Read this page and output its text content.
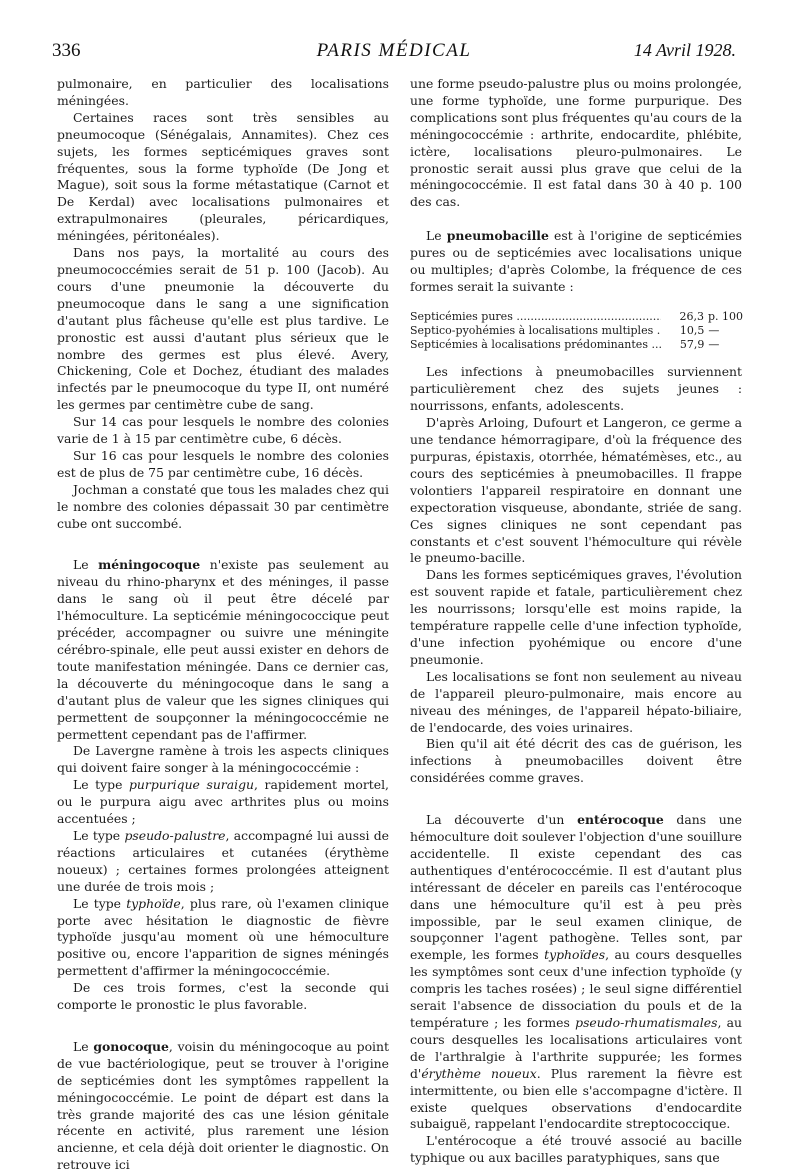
336	PARIS MÉDICAL	14 Avril 1928.

pulmonaire, en particulier des localisations méningées.

Certaines races sont très sensibles au pneumocoque (Sénégalais, Annamites). Chez ces sujets, les formes septicémiques graves sont fréquentes, sous la forme typhoïde (De Jong et Mague), soit sous la forme métastatique (Carnot et De Kerdal) avec localisations pulmonaires et extrapulmonaires (pleurales, péricardiques, méningées, péritonéales).

Dans nos pays, la mortalité au cours des pneumococcémies serait de 51 p. 100 (Jacob). Au cours d'une pneumonie la découverte du pneumocoque dans le sang a une signification d'autant plus fâcheuse qu'elle est plus tardive. Le pronostic est aussi d'autant plus sérieux que le nombre des germes est plus élevé. Avery, Chickening, Cole et Dochez, étudiant des malades infectés par le pneumocoque du type II, ont numéré les germes par centimètre cube de sang.

Sur 14 cas pour lesquels le nombre des colonies varie de 1 à 15 par centimètre cube, 6 décès.

Sur 16 cas pour lesquels le nombre des colonies est de plus de 75 par centimètre cube, 16 décès.

Jochman a constaté que tous les malades chez qui le nombre des colonies dépassait 30 par centimètre cube ont succombé.

Le méningocoque n'existe pas seulement au niveau du rhino-pharynx et des méninges, il passe dans le sang où il peut être décelé par l'hémoculture. La septicémie méningococcique peut précéder, accompagner ou suivre une méningite cérébro-spinale, elle peut aussi exister en dehors de toute manifestation méningée. Dans ce dernier cas, la découverte du méningocoque dans le sang a d'autant plus de valeur que les signes cliniques qui permettent de soupçonner la méningococcémie ne permettent cependant pas de l'affirmer.

De Lavergne ramène à trois les aspects cliniques qui doivent faire songer à la méningococcémie :

Le type purpurique suraigu, rapidement mortel, ou le purpura aigu avec arthrites plus ou moins accentuées ;

Le type pseudo-palustre, accompagné lui aussi de réactions articulaires et cutanées (érythème noueux) ; certaines formes prolongées atteignent une durée de trois mois ;

Le type typhoïde, plus rare, où l'examen clinique porte avec hésitation le diagnostic de fièvre typhoïde jusqu'au moment où une hémoculture positive ou, encore l'apparition de signes méningés permettent d'affirmer la méningococcémie.

De ces trois formes, c'est la seconde qui comporte le pronostic le plus favorable.

Le gonocoque, voisin du méningocoque au point de vue bactériologique, peut se trouver à l'origine de septicémies dont les symptômes rappellent la méningococcémie. Le point de départ est dans la très grande majorité des cas une lésion génitale récente en activité, plus rarement une lésion ancienne, et cela déjà doit orienter le diagnostic. On retrouve ici

une forme pseudo-palustre plus ou moins prolongée, une forme typhoïde, une forme purpurique. Des complications sont plus fréquentes qu'au cours de la méningococcémie : arthrite, endocardite, phlébite, ictère, localisations pleuro-pulmonaires. Le pronostic serait aussi plus grave que celui de la méningococcémie. Il est fatal dans 30 à 40 p. 100 des cas.

Le pneumobacille est à l'origine de septicémies pures ou de septicémies avec localisations unique ou multiples; d'après Colombe, la fréquence de ces formes serait la suivante :

Septicémies pures .....	26,3 p. 100
Septico-pyohémies à localisations multiples .....	10,5 —
Septicémies à localisations prédominantes .....	57,9 —

Les infections à pneumobacilles surviennent particulièrement chez des sujets jeunes : nourrissons, enfants, adolescents.

D'après Arloing, Dufourt et Langeron, ce germe a une tendance hémorragipare, d'où la fréquence des purpuras, épistaxis, otorrhée, hématémèses, etc., au cours des septicémies à pneumobacilles. Il frappe volontiers l'appareil respiratoire en donnant une expectoration visqueuse, abondante, striée de sang. Ces signes cliniques ne sont cependant pas constants et c'est souvent l'hémoculture qui révèle le pneumo-bacille.

Dans les formes septicémiques graves, l'évolution est souvent rapide et fatale, particulièrement chez les nourrissons; lorsqu'elle est moins rapide, la température rappelle celle d'une infection typhoïde, d'une infection pyohémique ou encore d'une pneumonie.

Les localisations se font non seulement au niveau de l'appareil pleuro-pulmonaire, mais encore au niveau des méninges, de l'appareil hépato-biliaire, de l'endocarde, des voies urinaires.

Bien qu'il ait été décrit des cas de guérison, les infections à pneumobacilles doivent être considérées comme graves.

La découverte d'un entérocoque dans une hémoculture doit soulever l'objection d'une souillure accidentelle. Il existe cependant des cas authentiques d'entérococcémie. Il est d'autant plus intéressant de déceler en pareils cas l'entérocoque dans une hémoculture qu'il est à peu près impossible, par le seul examen clinique, de soupçonner l'agent pathogène. Telles sont, par exemple, les formes typhoïdes, au cours desquelles les symptômes sont ceux d'une infection typhoïde (y compris les taches rosées) ; le seul signe différentiel serait l'absence de dissociation du pouls et de la température ; les formes pseudo-rhumatismales, au cours desquelles les localisations articulaires vont de l'arthralgie à l'arthrite suppurée; les formes d'érythème noueux. Plus rarement la fièvre est intermittente, ou bien elle s'accompagne d'ictère. Il existe quelques observations d'endocardite subaiguë, rappelant l'endocardite streptococcique.

L'entérocoque a été trouvé associé au bacille typhique ou aux bacilles paratyphiques, sans que
